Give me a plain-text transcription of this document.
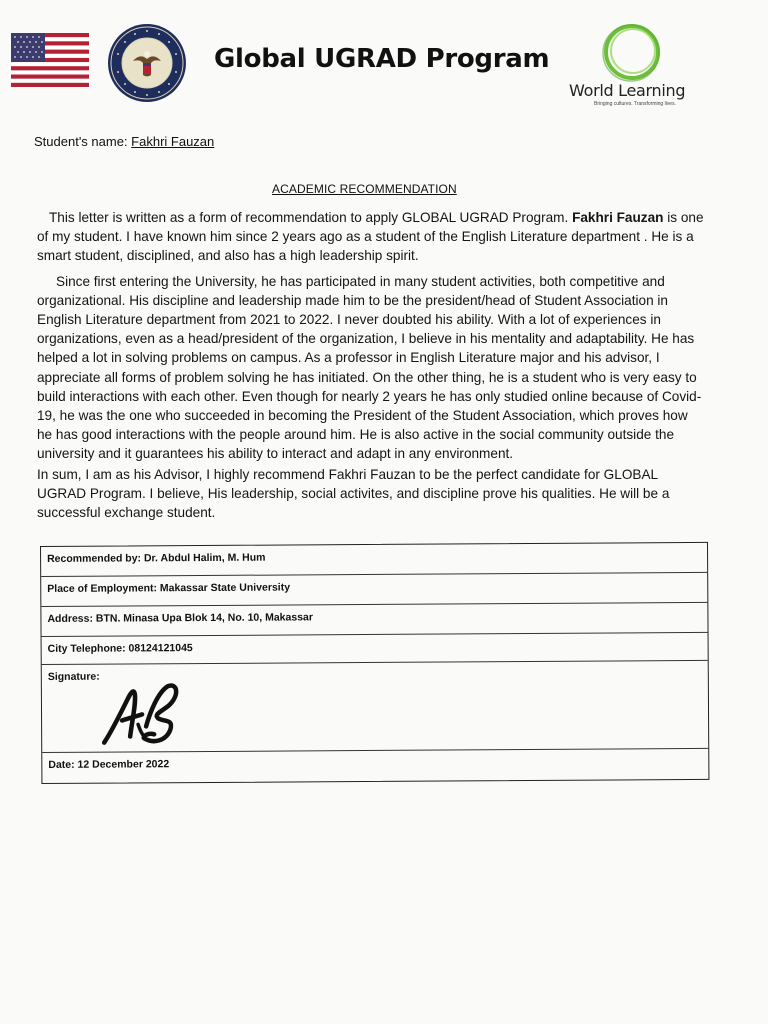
Global UGRAD Program
World Learning
Bringing cultures. Transforming lives.
Student's name: Fakhri Fauzan
ACADEMIC RECOMMENDATION

This letter is written as a form of recommendation to apply GLOBAL UGRAD Program. Fakhri Fauzan is one of my student. I have known him since 2 years ago as a student of the English Literature department . He is a smart student, disciplined, and also has a high leadership spirit.

Since first entering the University, he has participated in many student activities, both competitive and organizational. His discipline and leadership made him to be the president/head of Student Association in English Literature department from 2021 to 2022. I never doubted his ability. With a lot of experiences in organizations, even as a head/president of the organization, I believe in his mentality and adaptability. He has helped a lot in solving problems on campus. As a professor in English Literature major and his advisor, I appreciate all forms of problem solving he has initiated. On the other thing, he is a student who is very easy to build interactions with each other. Even though for nearly 2 years he has only studied online because of Covid-19, he was the one who succeeded in becoming the President of the Student Association, which proves how he has good interactions with the people around him. He is also active in the social community outside the university and it guarantees his ability to interact and adapt in any environment.

In sum, I am as his Advisor, I highly recommend Fakhri Fauzan to be the perfect candidate for GLOBAL UGRAD Program. I believe, His leadership, social activites, and discipline prove his qualities. He will be a successful exchange student.

Recommended by: Dr. Abdul Halim, M. Hum
Place of Employment: Makassar State University
Address: BTN. Minasa Upa Blok 14, No. 10, Makassar
City Telephone: 08124121045
Signature:
Date: 12 December 2022
